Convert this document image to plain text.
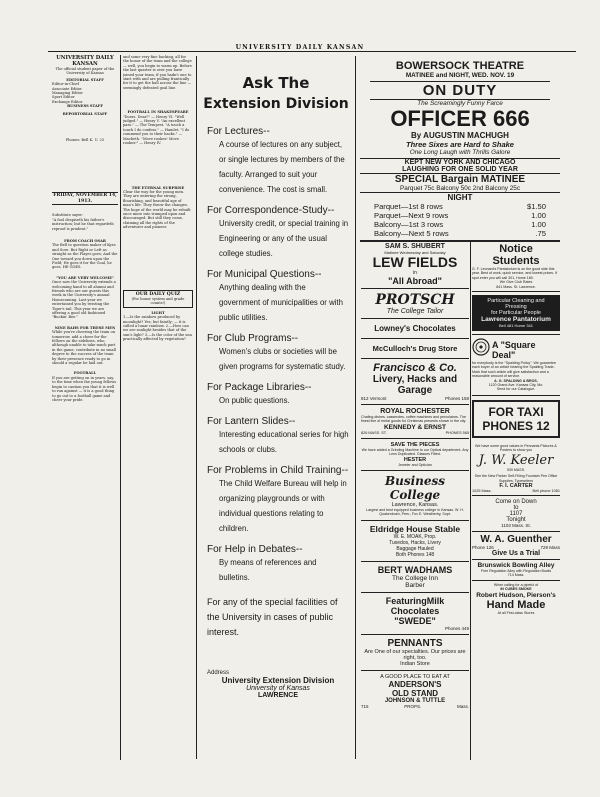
UNIVERSITY DAILY KANSAN
UNIVERSITY DAILY KANSAN
The official student paper of the University of Kansas
EDITORIAL STAFF
Editor-in-Chief
Associate Editor
Managing Editor
Sport Editor
Exchange Editor
BUSINESS STAFF
REPORTORIAL STAFF
Phones: Bell K. U. 25
FRIDAY, NOVEMBER 14, 1913.
Substitute sayer:
"A fool despiseth his father's instruction; but he that regardeth reproof is prudent."
FROM COACH OSAR
The Bell to question maker of Kyes and Sore. But Right or Left as straight as the Player goes; And the One toward you down upon the Field; He goes it for the Goal, he goes, HE GOES.
"YOU ARE VERY WELCOME"
Once now the University extends a welcoming hand to all alumni and friends who are our guests this week in the University's annual Homecoming. Last year we entertained you by twisting the Tiger's tail. This year we are offering a good old fashioned "Buckin' Bee."
NINE RAHS FOR THESE MEN
While you're cheering the team on tomorrow, add a cheer for the fellows on the sidelines, who, although unable to take much part in the game, contribute in no small degree to the success of the team by their presence ready to go in should a regular be laid out.
FOOTBALL
If you are getting on in years, say, to the time when the young fellows begin to caution you that it is well to run against — it is a good thing to go out to a football game and cheer your pride.
and some very fine backing, all for the honor of the team and the college — well, you begin to warm up. Before the last quarter is over you have joined your team, if you hadn't one to start with and are pulling frantically for it to get the ball across the line — seemingly defeated goal line.
FOOTBALL IN SHAKESPEARE
"Doers. Dear?" — Henry VI. "Well judged." — Henry V. "An excellent pass." — The Tempest. "A touch a touch I do confess." — Hamlet. "I do commend you to their backs." — Macbeth. "Move rookes! Move rookes!" — Henry IV.
THE ETERNAL SURPRISE
Clear the way for the young men. They are entering the strong, flourishing, and beautiful age of man's life. They throw the changes. The hope of the world may be rebuilt once more into trumped upon and discouraged. But still they come, claiming all the rights of the adventurer and pioneer.
OUR DAILY QUIZ
(For honor system and grade counts!)
LIGHT
1.—Is the rainbow produced by moonlight? Yes; but faintly; — it is called a lunar rainbow. 2.—How can we see sunlight besides that of the sun's light? 3.—Is the color of the sun practically affected by vegetation?
Ask The
Extension Division
For Lectures--
A course of lectures on any subject, or single lectures by members of the faculty. Arranged to suit your convenience. The cost is small.
For Correspondence-Study--
University credit, or special training in Engineering or any of the usual college studies.
For Municipal Questions--
Anything dealing with the government of municipalities or with public utilities.
For Club Programs--
Women's clubs or societies will be given programs for systematic study.
For Package Libraries--
On public questions.
For Lantern Slides--
Interesting educational series for high schools or clubs.
For Problems in Child Training--
The Child Welfare Bureau will help in organizing playgrounds or with individual questions relating to children.
For Help in Debates--
By means of references and bulletins.
For any of the special facilities of the University in cases of public interest.
Address
University Extension Division
University of Kansas
LAWRENCE
BOWERSOCK THEATRE
MATINEE and NIGHT, WED. NOV. 19
ON DUTY
The Screamingly Funny Farce
OFFICER 666
By AUGUSTIN MACHUGH
Three Sixes are Hard to Shake
One Long Laugh with Thrills Galore
KEPT NEW YORK AND CHICAGO
LAUGHING FOR ONE SOLID YEAR
SPECIAL Bargain MATINEE
Parquet 75c Balcony 50c 2nd Balcony 25c
NIGHT
Parquet—1st 8 rows	$1.50
Parquet—Next 9 rows	1.00
Balcony—1st 3 rows	1.00
Balcony—Next 5 rows	.75
SAM S. SHUBERT
Matinee Wednesday and Saturday
LEW FIELDS
in
"All Abroad"
PROTSCH
The College Tailor
Lowney's Chocolates
McCulloch's Drug Store
Francisco & Co.
Livery, Hacks and Garage
812 Vermont	Phones 158
ROYAL ROCHESTER
Chafing dishes, casseroles, coffee machines and percolators. The finest line of metal goods for Christmas presents shown in the city.
KENNEDY & ERNST
826 MASS. ST.	PHONES 565
SAVE THE PIECES
We have added a Grinding Machine to our Optical department. Any Lens Duplicated. Glasses Fitted.
HESTER
Jeweler and Optician
Business College
Lawrence, Kansas.
Largest and best equipped business college in Kansas. W. H. Quakenbush, Pres.; Fox E. Weatherby, Supt.
Eldridge House Stable
W. E. MOAK, Prop.
Tuxedos, Hacks, Livery
Baggage Hauled
Both Phones 148
BERT WADHAMS
The College Inn
Barber
FeaturingMilk
Chocolates
"SWEDE"
Phones 449
PENNANTS
Are One of our specialties. Our prices are right, too.
Indian Store
A GOOD PLACE TO EAT AT
ANDERSON'S
OLD STAND
JOHNSON & TUTTLE
715	PROPS.	Mass.
Notice
Students
G. F. Leonard's Pantatorium is on the good side this year. Best of work, quick service, and lowest prices. If spot enter you will call 301, Home 180.
We Give Club Rates
841 Mass. St. Lawrence.
Particular Cleaning and
Pressing
for Particular People
Lawrence Pantatorium
Bell 481 Home 341
A "Square Deal"
for everybody is the "Spalding Policy". We guarantee each buyer of an article bearing the Spalding Trade-Mark that such article will give satisfaction and a reasonable amount of service.
A. G. SPALDING & BROS.
1120 Grand Ave. Kansas City, Mo.
Send for our Catalogue.
FOR TAXI
PHONES 12
We have some good values in Pennants Pictures & Posters to show you
J. W. Keeler
939 MASS.
See the New Parker Self-Filling Fountain Pen Office Supplies, Typewriters
F. I. CARTER
1025 Mass.	Bell phone 1081
Come on Down
to
1107
Tonight
1103 Mass. St.
W. A. Guenther
Phone 126	729 Mass
Give Us a Trial
Brunswick Bowling Alley
Free Regulation Alley with Regulation Bowls
714 Mass.
When calling for a pipeful of
IN CUBES SMOKE
Robert Hudson, Pierson's
Hand Made
At all First-class Stores
